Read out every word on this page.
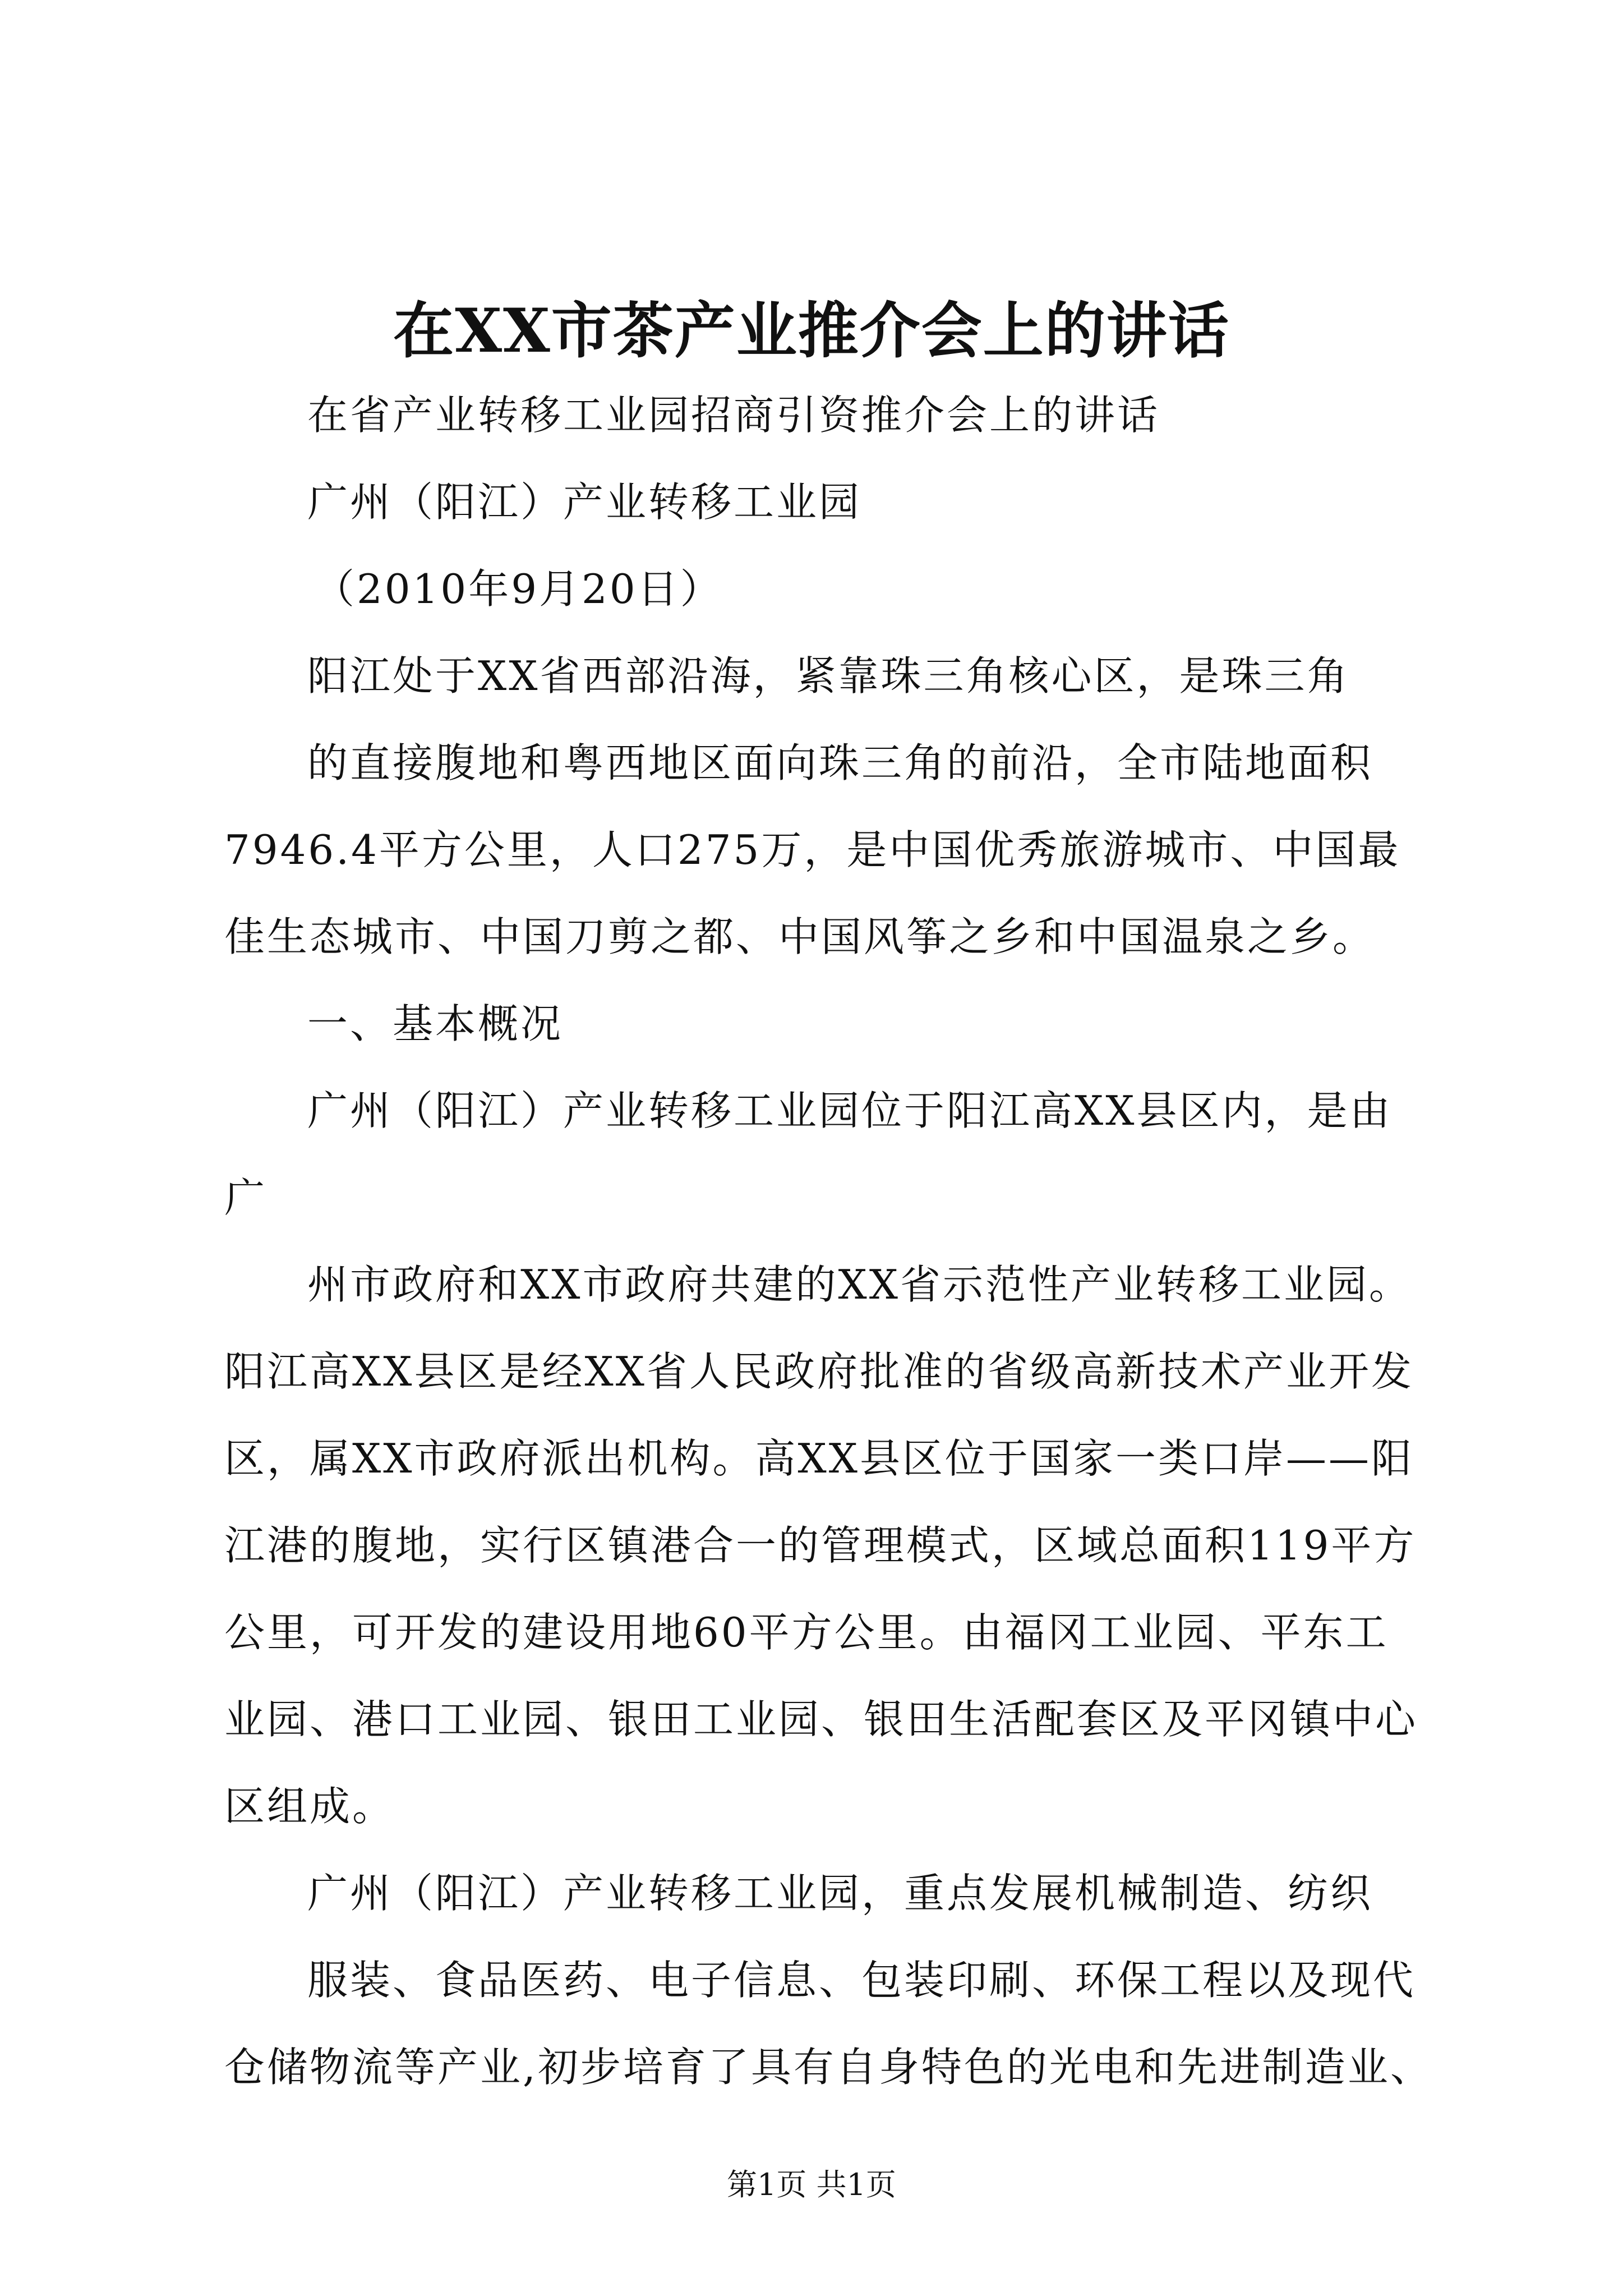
在XX市茶产业推介会上的讲话
在省产业转移工业园招商引资推介会上的讲话
广州（阳江）产业转移工业园
（2010年9月20日）
阳江处于XX省西部沿海，紧靠珠三角核心区，是珠三角
的直接腹地和粤西地区面向珠三角的前沿，全市陆地面积
7946.4平方公里，人口275万，是中国优秀旅游城市、中国最
佳生态城市、中国刀剪之都、中国风筝之乡和中国温泉之乡。
一、基本概况
广州（阳江）产业转移工业园位于阳江高XX县区内，是由
广
州市政府和XX市政府共建的XX省示范性产业转移工业园。
阳江高XX县区是经XX省人民政府批准的省级高新技术产业开发
区，属XX市政府派出机构。高XX县区位于国家一类口岸——阳
江港的腹地，实行区镇港合一的管理模式，区域总面积119平方
公里，可开发的建设用地60平方公里。由福冈工业园、平东工
业园、港口工业园、银田工业园、银田生活配套区及平冈镇中心
区组成。
广州（阳江）产业转移工业园，重点发展机械制造、纺织
服装、食品医药、电子信息、包装印刷、环保工程以及现代
仓储物流等产业,初步培育了具有自身特色的光电和先进制造业、
第1页 共1页
